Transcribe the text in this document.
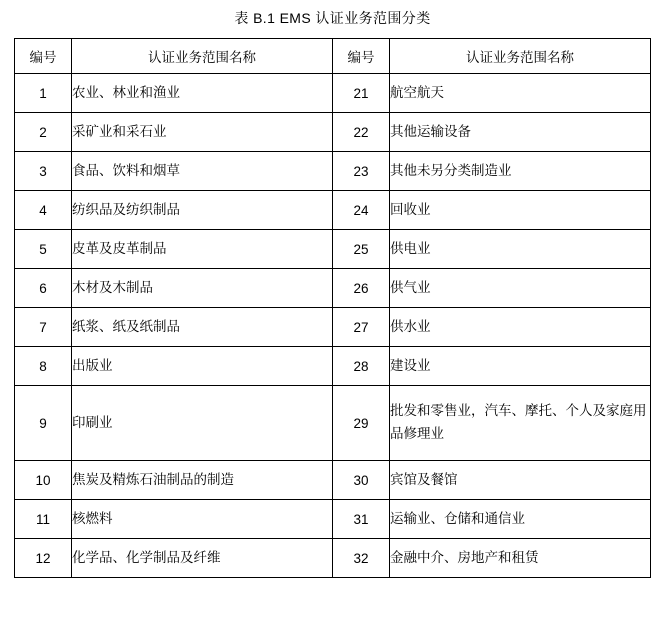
表 B.1 EMS 认证业务范围分类
编号	认证业务范围名称	编号	认证业务范围名称
1	农业、林业和渔业	21	航空航天
2	采矿业和采石业	22	其他运输设备
3	食品、饮料和烟草	23	其他未另分类制造业
4	纺织品及纺织制品	24	回收业
5	皮革及皮革制品	25	供电业
6	木材及木制品	26	供气业
7	纸浆、纸及纸制品	27	供水业
8	出版业	28	建设业
9	印刷业	29	批发和零售业，汽车、摩托、个人及家庭用品修理业
10	焦炭及精炼石油制品的制造	30	宾馆及餐馆
11	核燃料	31	运输业、仓储和通信业
12	化学品、化学制品及纤维	32	金融中介、房地产和租赁
